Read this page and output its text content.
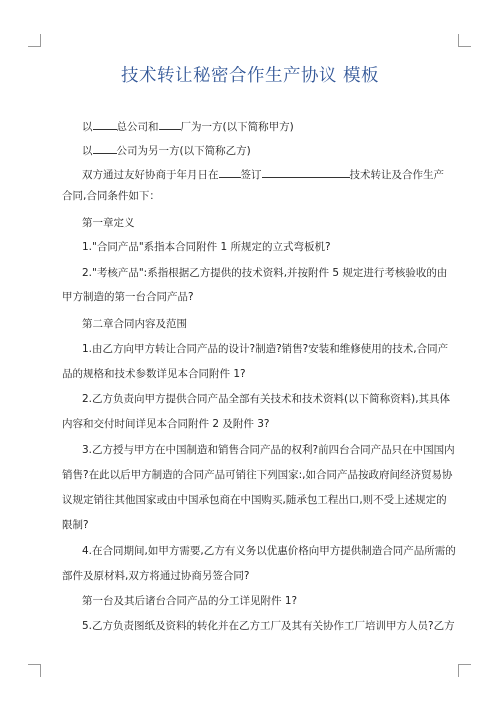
技术转让秘密合作生产协议 模板
以 总公司和 厂为一方(以下简称甲方)
以 公司为另一方(以下简称乙方)
双方通过友好协商于年月日在 签订	技术转让及合作生产
合同,合同条件如下：
第一章定义
1."合同产品"系指本合同附件 1 所规定的立式弯板机?
2."考核产品":系指根据乙方提供的技术资料,并按附件 5 规定进行考核验收的由
甲方制造的第一台合同产品?
第二章合同内容及范围
1.由乙方向甲方转让合同产品的设计?制造?销售?安装和维修使用的技术,合同产
品的规格和技术参数详见本合同附件 1?
2.乙方负责向甲方提供合同产品全部有关技术和技术资料(以下简称资料),其具体
内容和交付时间详见本合同附件 2 及附件 3?
3.乙方授与甲方在中国制造和销售合同产品的权利?前四台合同产品只在中国国内
销售?在此以后甲方制造的合同产品可销往下列国家:,如合同产品按政府间经济贸易协
议规定销往其他国家或由中国承包商在中国购买,随承包工程出口,则不受上述规定的
限制?
4.在合同期间,如甲方需要,乙方有义务以优惠价格向甲方提供制造合同产品所需的
部件及原材料,双方将通过协商另签合同?
第一台及其后诸台合同产品的分工详见附件 1?
5.乙方负责图纸及资料的转化并在乙方工厂及其有关协作工厂培训甲方人员?乙方
